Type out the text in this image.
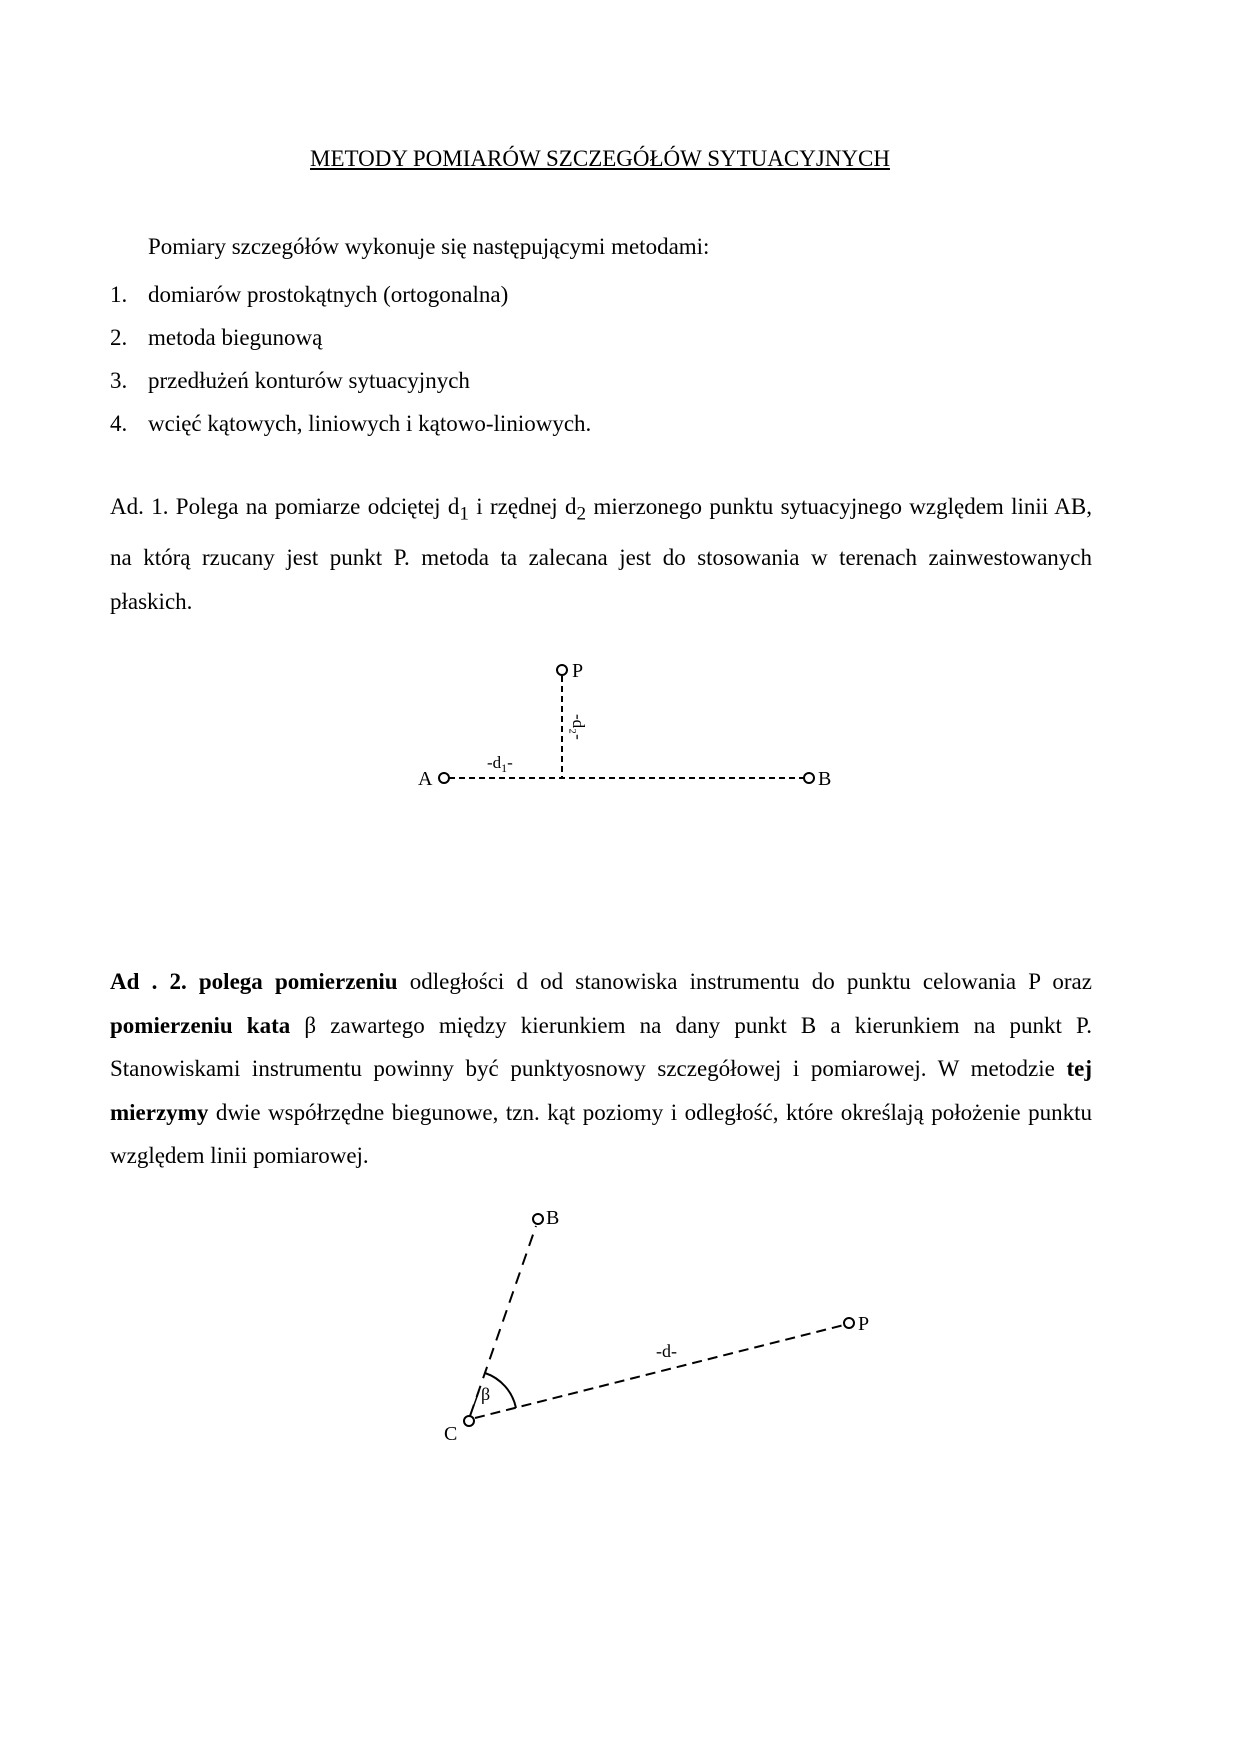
METODY POMIARÓW SZCZEGÓŁÓW SYTUACYJNYCH
Pomiary szczegółów wykonuje się następującymi metodami:
1. domiarów prostokątnych (ortogonalna)
2. metoda biegunową
3. przedłużeń konturów sytuacyjnych
4. wcięć kątowych, liniowych i kątowo-liniowych.

Ad. 1. Polega na pomiarze odciętej $d_1$ i rzędnej $d_2$ mierzonego punktu sytuacyjnego względem linii AB, na którą rzucany jest punkt P. metoda ta zalecana jest do stosowania w terenach zainwestowanych płaskich.

A	B
P
$-d_1-$
-d₂-

Ad . 2. polega pomierzeniu odległości d od stanowiska instrumentu do punktu celowania P oraz pomierzeniu kata β zawartego między kierunkiem na dany punkt B a kierunkiem na punkt P. Stanowiskami instrumentu powinny być punktyosnowy szczegółowej i pomiarowej. W metodzie tej mierzymy dwie współrzędne biegunowe, tzn. kąt poziomy i odległość, które określają położenie punktu względem linii pomiarowej.

B
P
C
-d-
β
